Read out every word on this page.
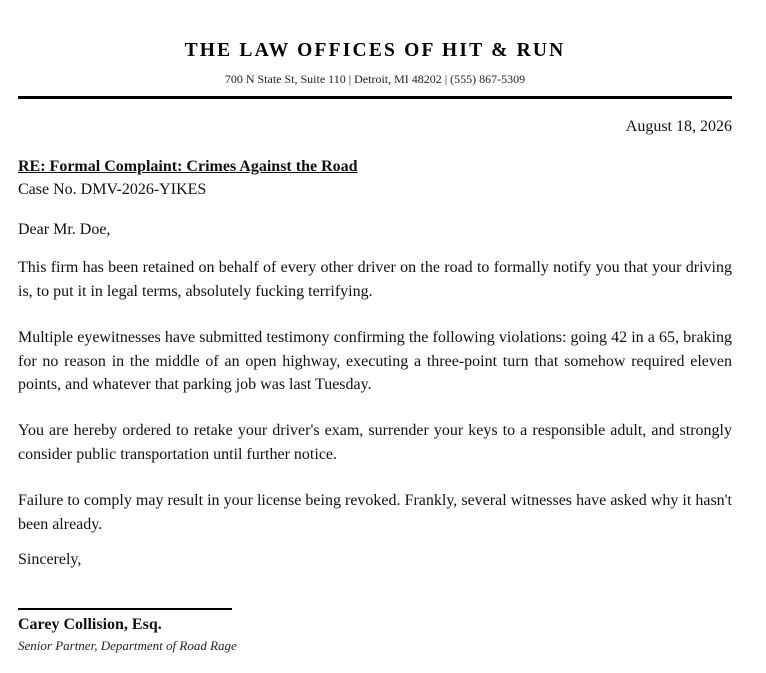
THE LAW OFFICES OF HIT & RUN
700 N State St, Suite 110 | Detroit, MI 48202 | (555) 867-5309
August 18, 2026
RE: Formal Complaint: Crimes Against the Road
Case No. DMV-2026-YIKES
Dear Mr. Doe,
This firm has been retained on behalf of every other driver on the road to formally notify you that your driving is, to put it in legal terms, absolutely fucking terrifying.
Multiple eyewitnesses have submitted testimony confirming the following violations: going 42 in a 65, braking for no reason in the middle of an open highway, executing a three-point turn that somehow required eleven points, and whatever that parking job was last Tuesday.
You are hereby ordered to retake your driver's exam, surrender your keys to a responsible adult, and strongly consider public transportation until further notice.
Failure to comply may result in your license being revoked. Frankly, several witnesses have asked why it hasn't been already.
Sincerely,
Carey Collision, Esq.
Senior Partner, Department of Road Rage
